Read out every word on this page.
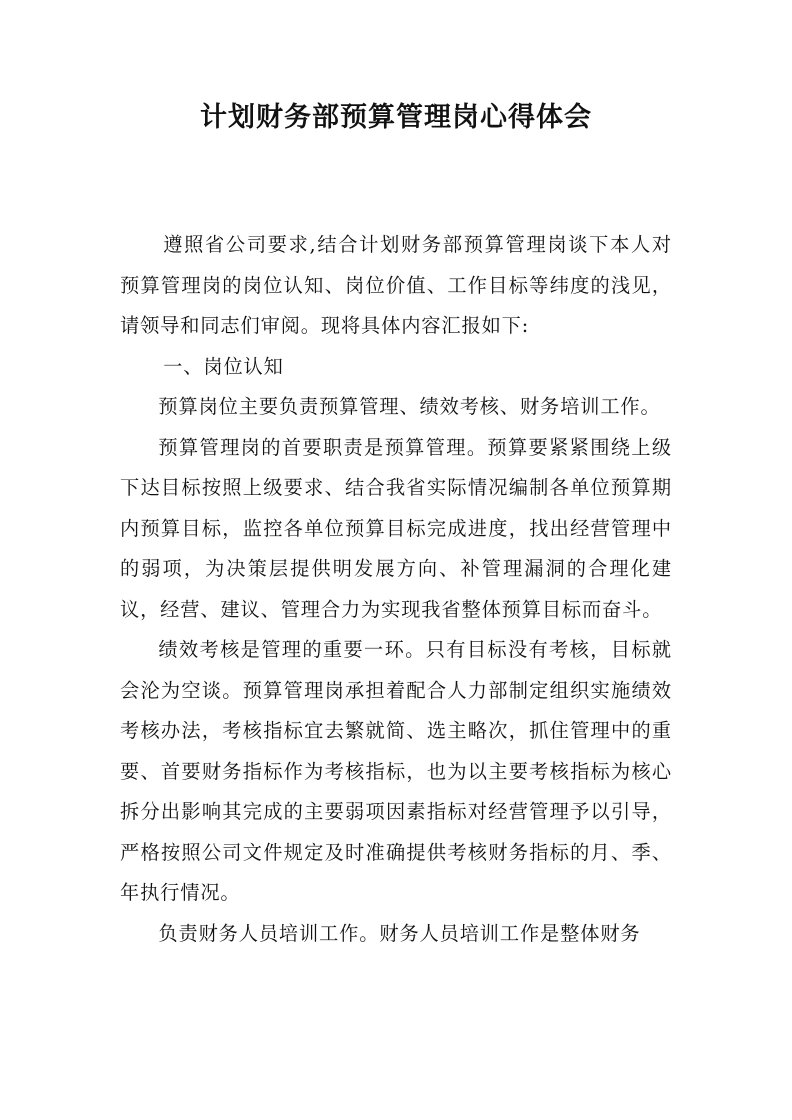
计划财务部预算管理岗心得体会

遵照省公司要求,结合计划财务部预算管理岗谈下本人对预算管理岗的岗位认知、岗位价值、工作目标等纬度的浅见，请领导和同志们审阅。现将具体内容汇报如下:

一、岗位认知

预算岗位主要负责预算管理、绩效考核、财务培训工作。

预算管理岗的首要职责是预算管理。预算要紧紧围绕上级下达目标按照上级要求、结合我省实际情况编制各单位预算期内预算目标，监控各单位预算目标完成进度，找出经营管理中的弱项，为决策层提供明发展方向、补管理漏洞的合理化建议，经营、建议、管理合力为实现我省整体预算目标而奋斗。

绩效考核是管理的重要一环。只有目标没有考核，目标就会沦为空谈。预算管理岗承担着配合人力部制定组织实施绩效考核办法，考核指标宜去繁就简、选主略次，抓住管理中的重要、首要财务指标作为考核指标，也为以主要考核指标为核心拆分出影响其完成的主要弱项因素指标对经营管理予以引导，严格按照公司文件规定及时准确提供考核财务指标的月、季、年执行情况。

负责财务人员培训工作。财务人员培训工作是整体财务
